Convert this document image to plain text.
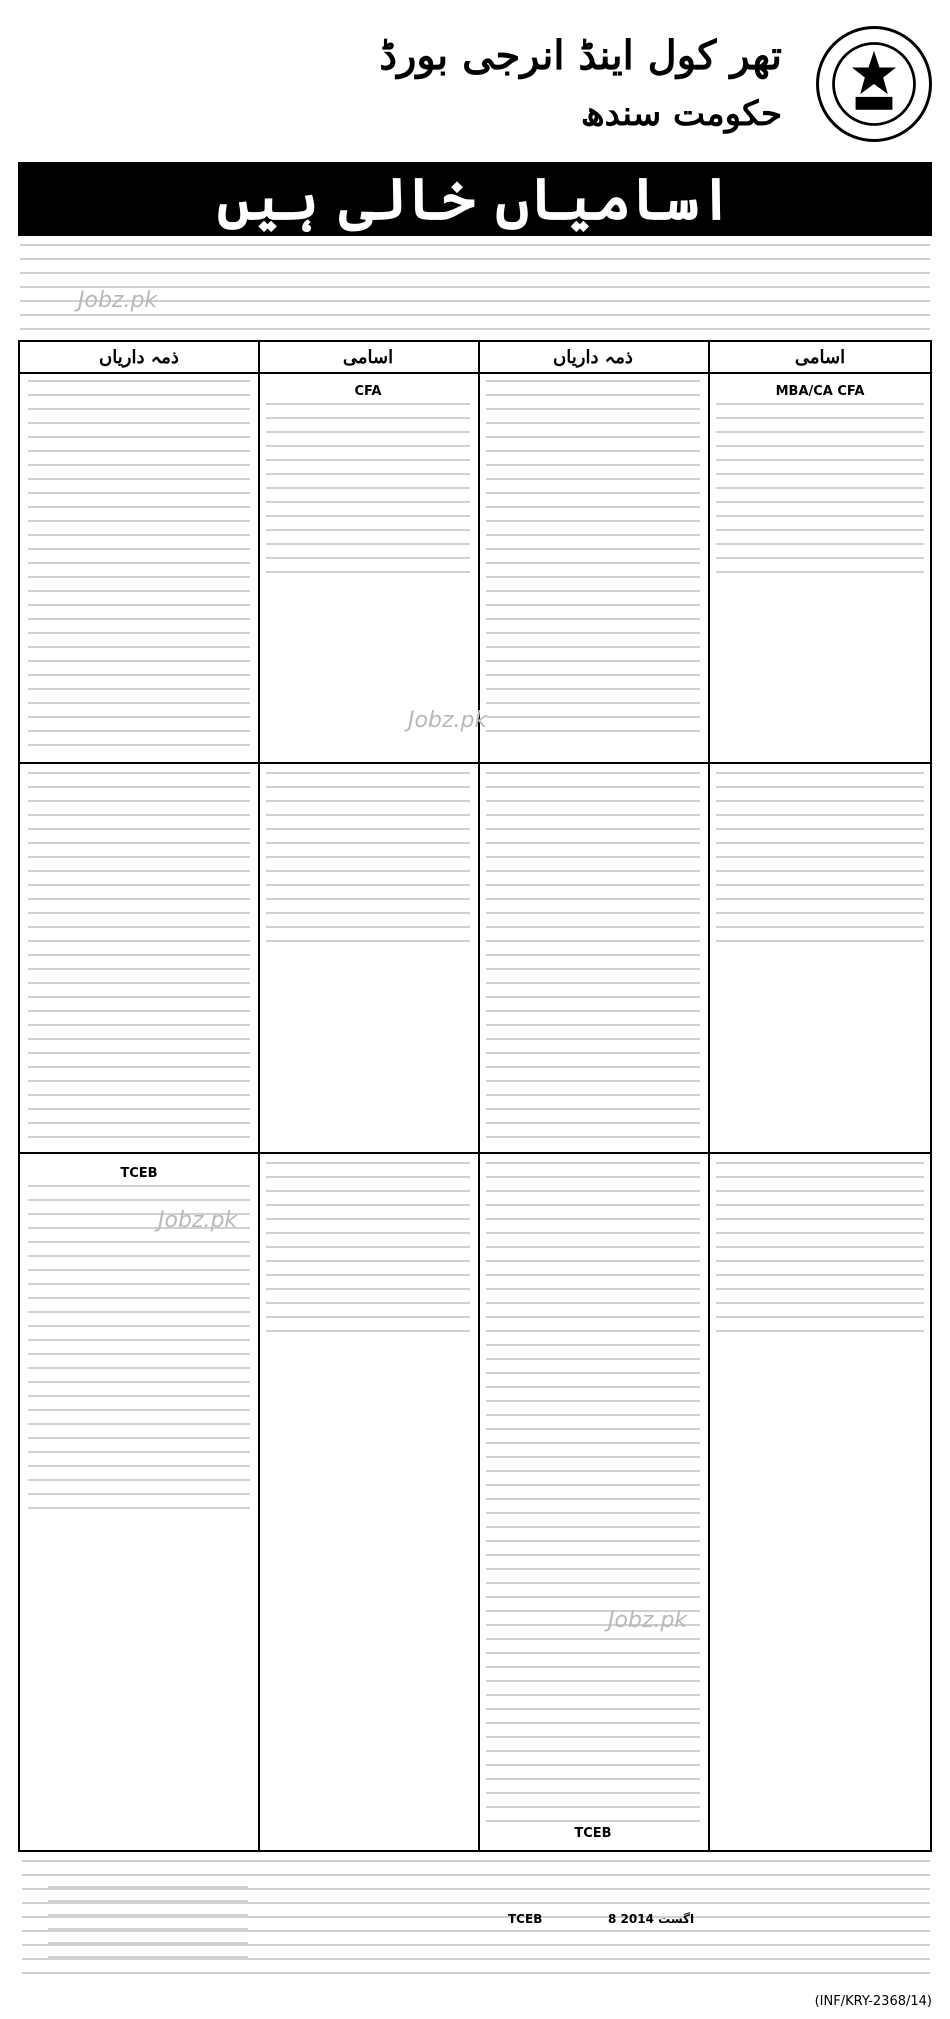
تھر کول اینڈ انرجی بورڈ
حکومت سندھ
اسامیاں خالی ہیں
اسامی
ذمہ داریاں
اسامی
ذمہ داریاں
MBA/CA CFA
CFA
TCEB
TCEB
TCEB	8 اگست 2014
(INF/KRY-2368/14)
Jobz.pk
Jobz.pk
Jobz.pk
Jobz.pk
